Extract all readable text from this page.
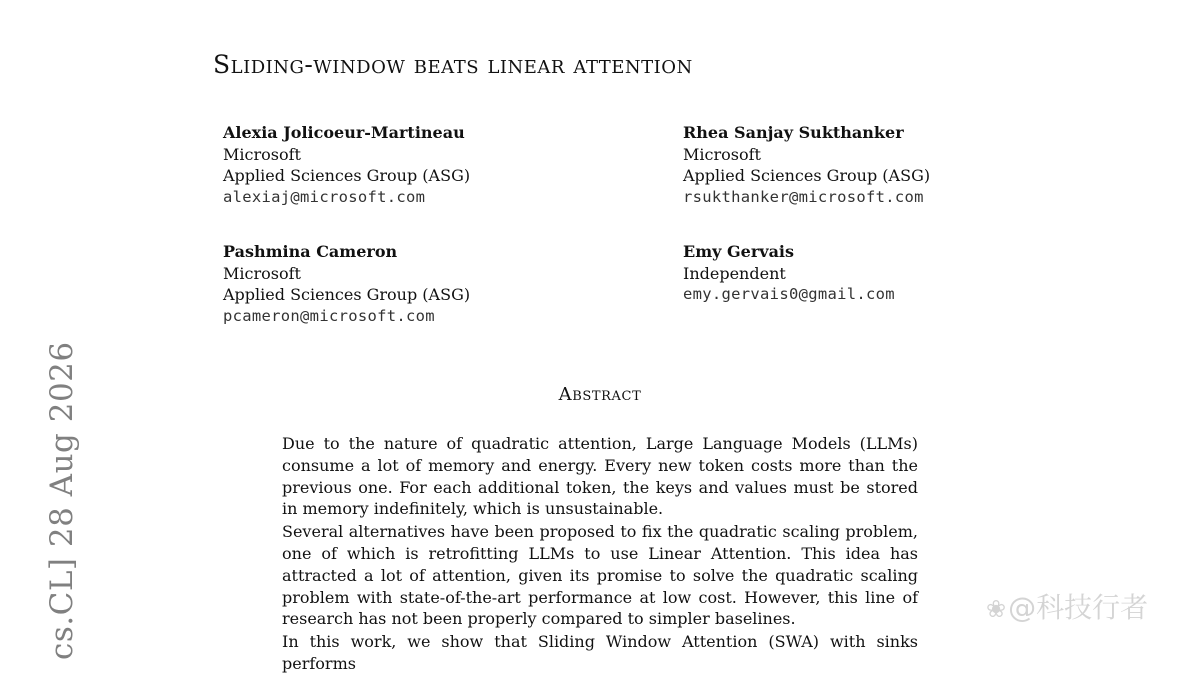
Sliding-window beats linear attention
Alexia Jolicoeur-Martineau
Microsoft
Applied Sciences Group (ASG)
alexiaj@microsoft.com
Rhea Sanjay Sukthanker
Microsoft
Applied Sciences Group (ASG)
rsukthanker@microsoft.com
Pashmina Cameron
Microsoft
Applied Sciences Group (ASG)
pcameron@microsoft.com
Emy Gervais
Independent
emy.gervais0@gmail.com
Abstract

Due to the nature of quadratic attention, Large Language Models (LLMs) consume a lot of memory and energy. Every new token costs more than the previous one. For each additional token, the keys and values must be stored in memory indefinitely, which is unsustainable.

Several alternatives have been proposed to fix the quadratic scaling problem, one of which is retrofitting LLMs to use Linear Attention. This idea has attracted a lot of attention, given its promise to solve the quadratic scaling problem with state-of-the-art performance at low cost. However, this line of research has not been properly compared to simpler baselines.

In this work, we show that Sliding Window Attention (SWA) with sinks performs

cs.CL] 28 Aug 2026	❀@科技行者
